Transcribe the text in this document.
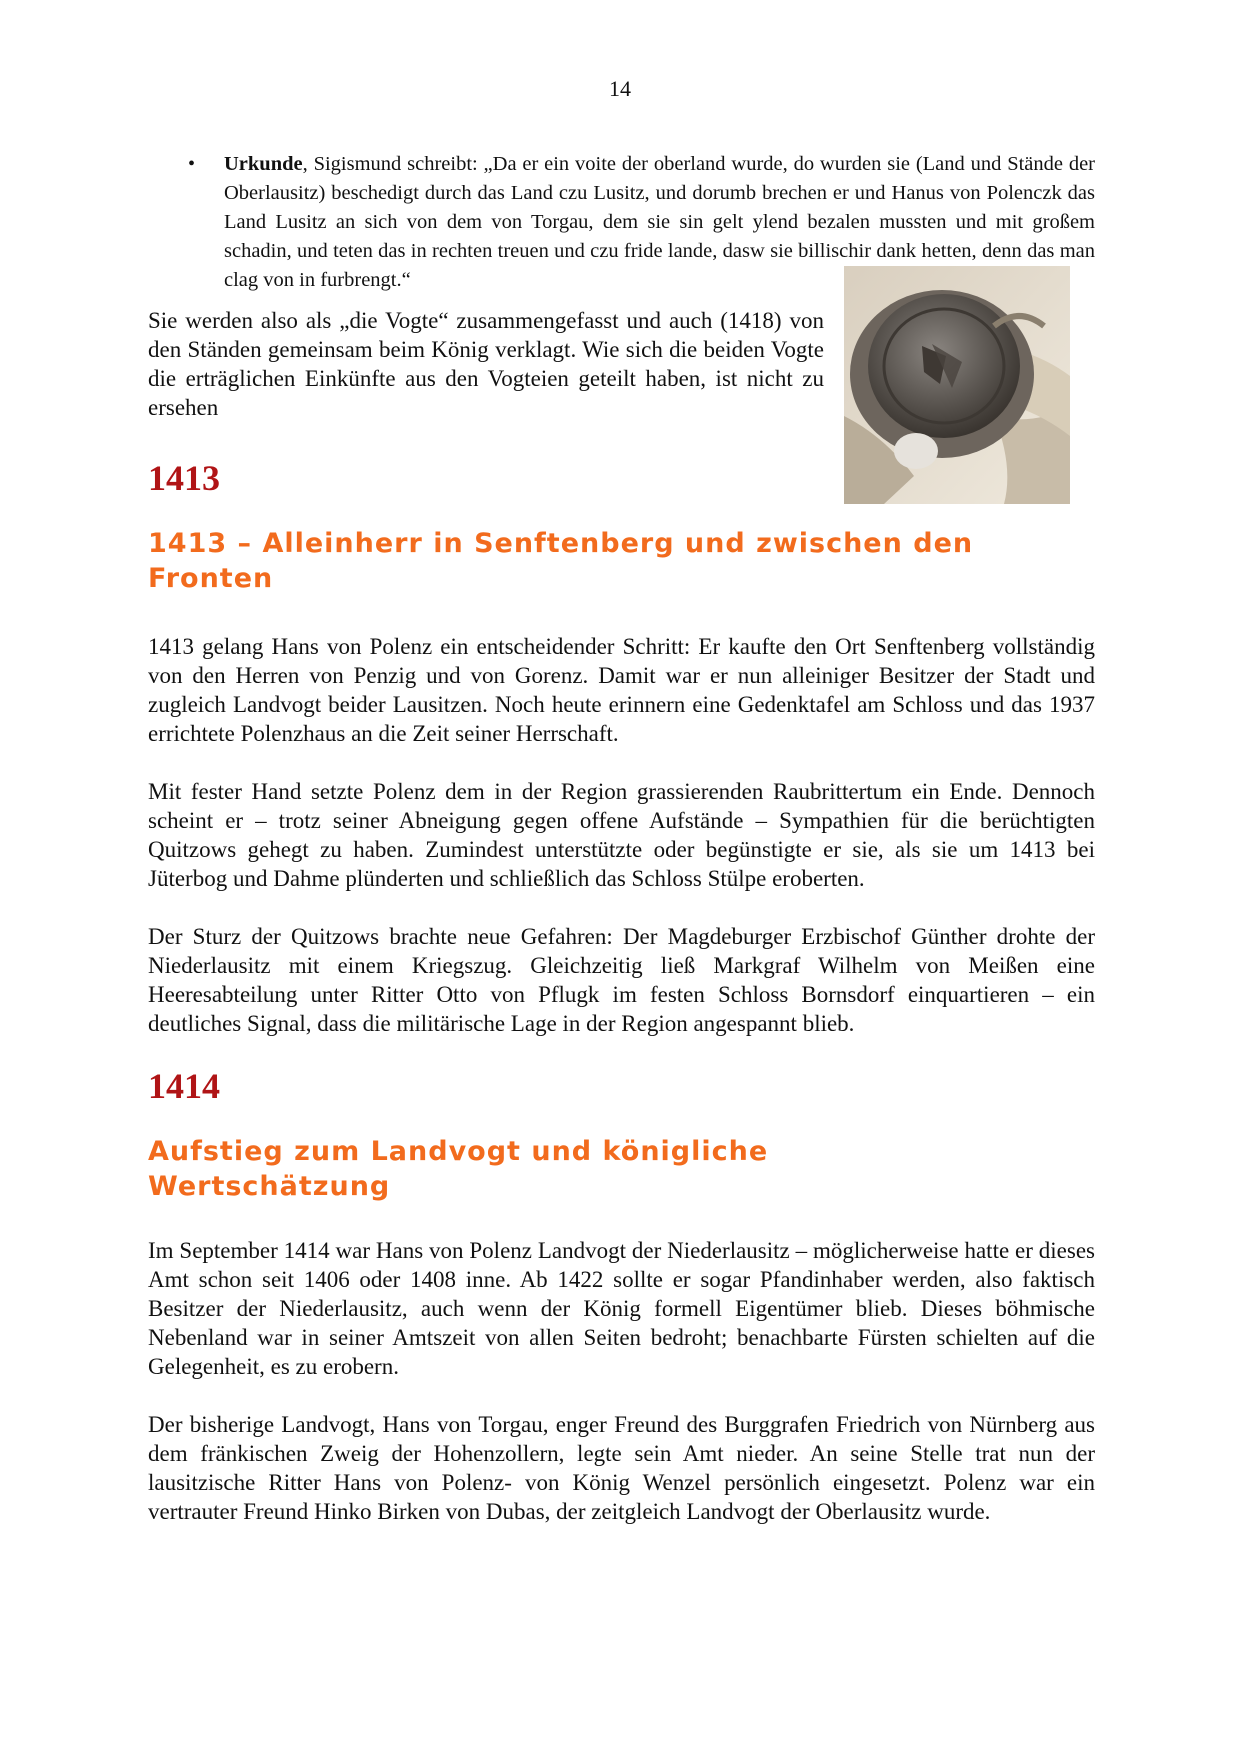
14
• Urkunde, Sigismund schreibt: „Da er ein voite der oberland wurde, do wurden sie (Land und Stände der Oberlausitz) beschedigt durch das Land czu Lusitz, und dorumb brechen er und Hanus von Polenczk das Land Lusitz an sich von dem von Torgau, dem sie sin gelt ylend bezalen mussten und mit großem schadin, und teten das in rechten treuen und czu fride lande, dasw sie billischir dank hetten, denn das man clag von in furbrengt.“

Sie werden also als „die Vogte“ zusammengefasst und auch (1418) von den Ständen gemeinsam beim König verklagt. Wie sich die beiden Vogte die erträglichen Einkünfte aus den Vogteien geteilt haben, ist nicht zu ersehen

1413
1413 – Alleinherr in Senftenberg und zwischen den Fronten

1413 gelang Hans von Polenz ein entscheidender Schritt: Er kaufte den Ort Senftenberg vollständig von den Herren von Penzig und von Gorenz. Damit war er nun alleiniger Besitzer der Stadt und zugleich Landvogt beider Lausitzen. Noch heute erinnern eine Gedenktafel am Schloss und das 1937 errichtete Polenzhaus an die Zeit seiner Herrschaft.

Mit fester Hand setzte Polenz dem in der Region grassierenden Raubrittertum ein Ende. Dennoch scheint er – trotz seiner Abneigung gegen offene Aufstände – Sympathien für die berüchtigten Quitzows gehegt zu haben. Zumindest unterstützte oder begünstigte er sie, als sie um 1413 bei Jüterbog und Dahme plünderten und schließlich das Schloss Stülpe eroberten.

Der Sturz der Quitzows brachte neue Gefahren: Der Magdeburger Erzbischof Günther drohte der Niederlausitz mit einem Kriegszug. Gleichzeitig ließ Markgraf Wilhelm von Meißen eine Heeresabteilung unter Ritter Otto von Pflugk im festen Schloss Bornsdorf einquartieren – ein deutliches Signal, dass die militärische Lage in der Region angespannt blieb.

1414
Aufstieg zum Landvogt und königliche Wertschätzung

Im September 1414 war Hans von Polenz Landvogt der Niederlausitz – möglicherweise hatte er dieses Amt schon seit 1406 oder 1408 inne. Ab 1422 sollte er sogar Pfandinhaber werden, also faktisch Besitzer der Niederlausitz, auch wenn der König formell Eigentümer blieb. Dieses böhmische Nebenland war in seiner Amtszeit von allen Seiten bedroht; benachbarte Fürsten schielten auf die Gelegenheit, es zu erobern.

Der bisherige Landvogt, Hans von Torgau, enger Freund des Burggrafen Friedrich von Nürnberg aus dem fränkischen Zweig der Hohenzollern, legte sein Amt nieder. An seine Stelle trat nun der lausitzische Ritter Hans von Polenz- von König Wenzel persönlich eingesetzt. Polenz war ein vertrauter Freund Hinko Birken von Dubas, der zeitgleich Landvogt der Oberlausitz wurde.
